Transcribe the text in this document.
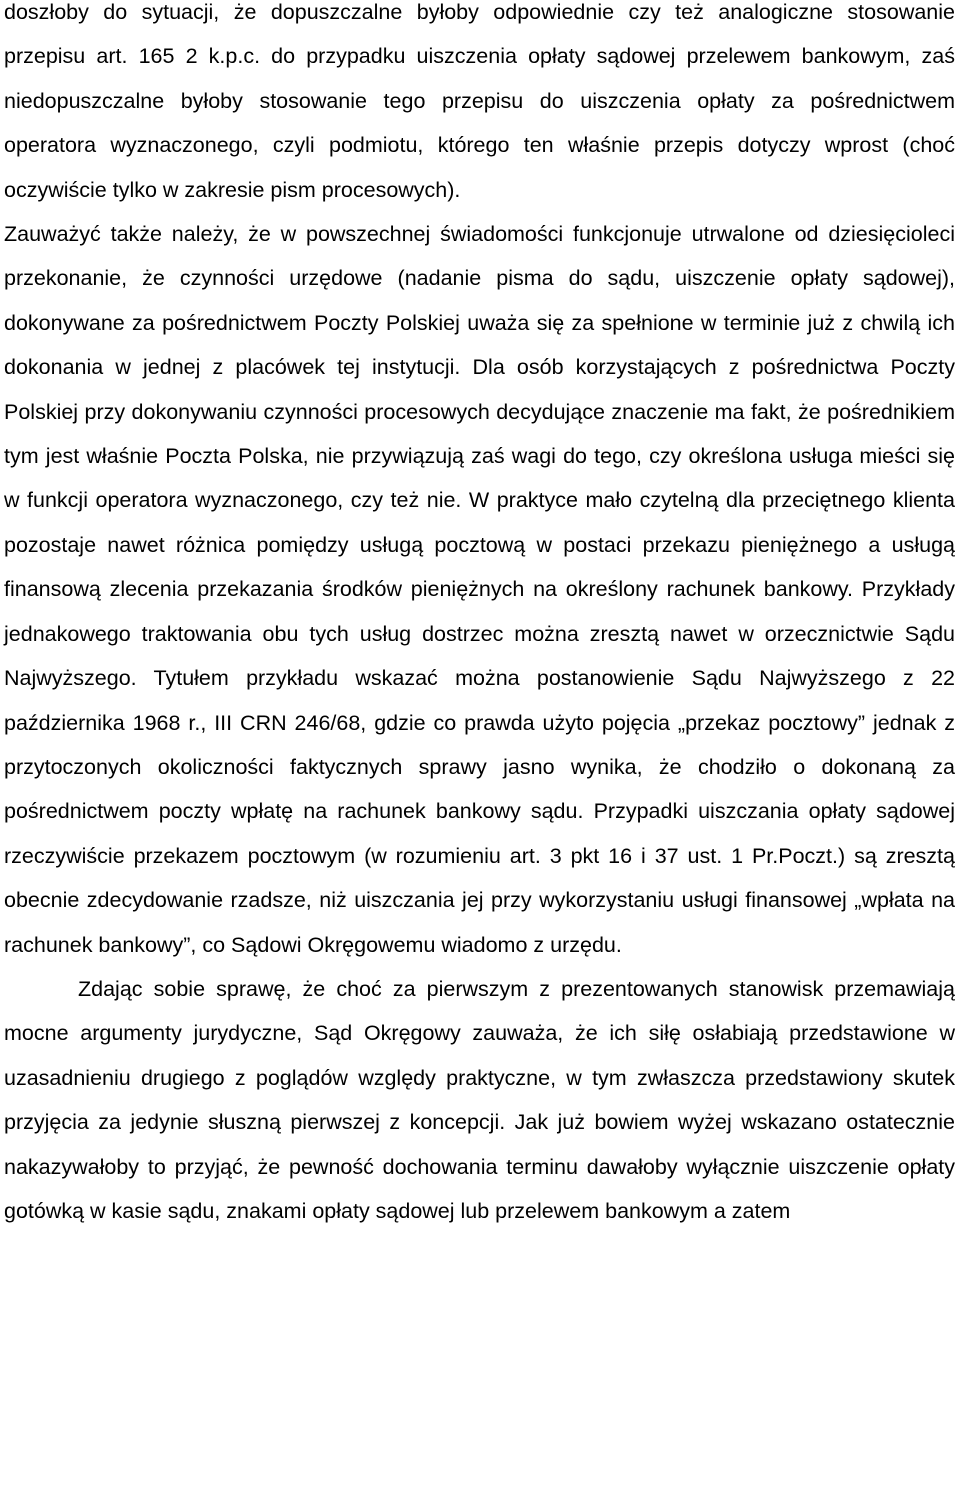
doszłoby do sytuacji, że dopuszczalne byłoby odpowiednie czy też analogiczne stosowanie przepisu art. 165 2 k.p.c. do przypadku uiszczenia opłaty sądowej przelewem bankowym, zaś niedopuszczalne byłoby stosowanie tego przepisu do uiszczenia opłaty za pośrednictwem operatora wyznaczonego, czyli podmiotu, którego ten właśnie przepis dotyczy wprost (choć oczywiście tylko w zakresie pism procesowych).

Zauważyć także należy, że w powszechnej świadomości funkcjonuje utrwalone od dziesięcioleci przekonanie, że czynności urzędowe (nadanie pisma do sądu, uiszczenie opłaty sądowej), dokonywane za pośrednictwem Poczty Polskiej uważa się za spełnione w terminie już z chwilą ich dokonania w jednej z placówek tej instytucji. Dla osób korzystających z pośrednictwa Poczty Polskiej przy dokonywaniu czynności procesowych decydujące znaczenie ma fakt, że pośrednikiem tym jest właśnie Poczta Polska, nie przywiązują zaś wagi do tego, czy określona usługa mieści się w funkcji operatora wyznaczonego, czy też nie. W praktyce mało czytelną dla przeciętnego klienta pozostaje nawet różnica pomiędzy usługą pocztową w postaci przekazu pieniężnego a usługą finansową zlecenia przekazania środków pieniężnych na określony rachunek bankowy. Przykłady jednakowego traktowania obu tych usług dostrzec można zresztą nawet w orzecznictwie Sądu Najwyższego. Tytułem przykładu wskazać można postanowienie Sądu Najwyższego z 22 października 1968 r., III CRN 246/68, gdzie co prawda użyto pojęcia „przekaz pocztowy” jednak z przytoczonych okoliczności faktycznych sprawy jasno wynika, że chodziło o dokonaną za pośrednictwem poczty wpłatę na rachunek bankowy sądu. Przypadki uiszczania opłaty sądowej rzeczywiście przekazem pocztowym (w rozumieniu art. 3 pkt 16 i 37 ust. 1 Pr.Poczt.) są zresztą obecnie zdecydowanie rzadsze, niż uiszczania jej przy wykorzystaniu usługi finansowej „wpłata na rachunek bankowy”, co Sądowi Okręgowemu wiadomo z urzędu.

Zdając sobie sprawę, że choć za pierwszym z prezentowanych stanowisk przemawiają mocne argumenty jurydyczne, Sąd Okręgowy zauważa, że ich siłę osłabiają przedstawione w uzasadnieniu drugiego z poglądów względy praktyczne, w tym zwłaszcza przedstawiony skutek przyjęcia za jedynie słuszną pierwszej z koncepcji. Jak już bowiem wyżej wskazano ostatecznie nakazywałoby to przyjąć, że pewność dochowania terminu dawałoby wyłącznie uiszczenie opłaty gotówką w kasie sądu, znakami opłaty sądowej lub przelewem bankowym a zatem
